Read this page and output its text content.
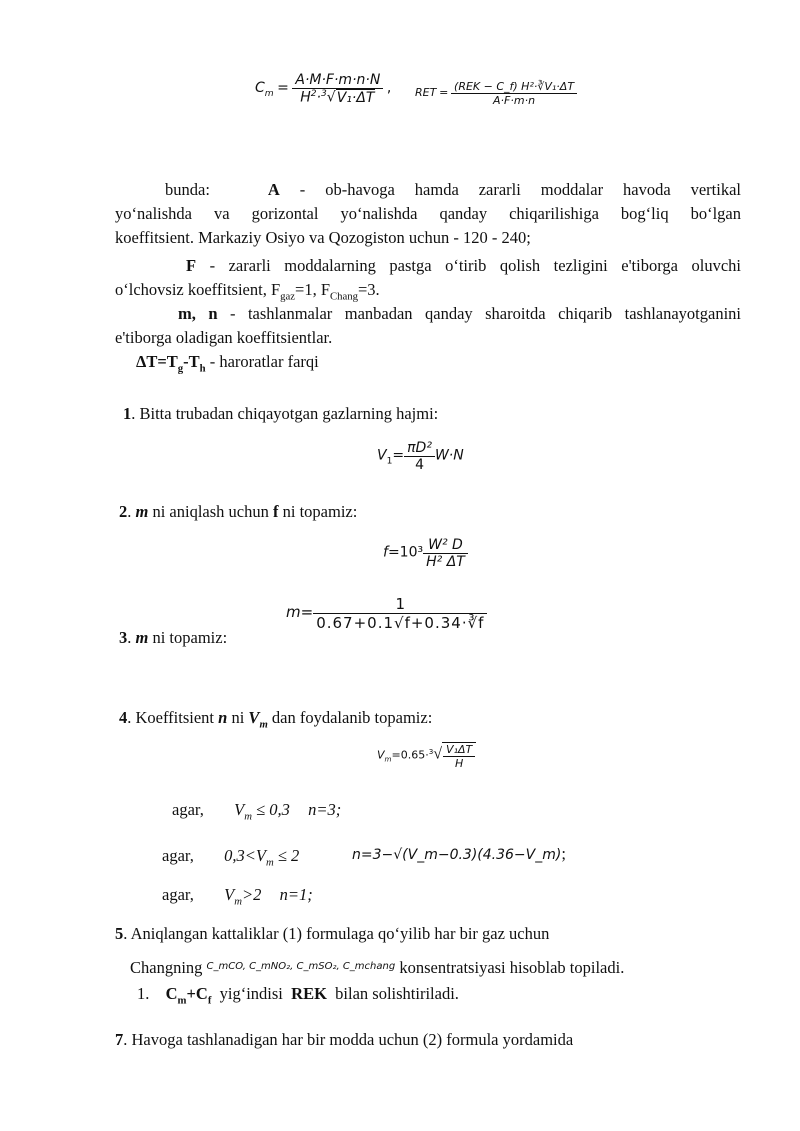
$C_m = \frac{A\cdot M\cdot F\cdot m\cdot n\cdot N}{H^2\cdot^3√V_1\cdot\Delta T}$ , RET = $\frac{\text{(REK − C\_f) H²·∛V₁·ΔT}}{A\cdot F\cdot m\cdot n}$
bunda:	A - ob-havoga hamda zararli moddalar havoda vertikal
yo‘nalishda va gorizontal yo‘nalishda qanday chiqarilishiga bog‘liq bo‘lgan
koeffitsient. Markaziy Osiyo va Qozogiston uchun - 120 - 240;
F - zararli moddalarning pastga o‘tirib qolish tezligini e'tiborga oluvchi
o‘lchovsiz koeffitsient, $F_{gaz}=1$, $F_{Chang}=3$.
m, n - tashlanmalar manbadan qanday sharoitda chiqarib tashlanayotganini
e'tiborga oladigan koeffitsientlar.
$\Delta T=T_g-T_h$ - haroratlar farqi
1. Bitta trubadan chiqayotgan gazlarning hajmi:
$V_1= \frac{\text{πD²}}{4} W\cdot N$
2. m ni aniqlash uchun f ni topamiz:
$f=10^3 \frac{\text{W² D}}{\text{H² ΔT}}$
3. m ni topamiz:
$m= \frac{1}{0.67+0.1√f+0.34\cdot∛f}$
4. Koeffitsient n ni $V_m$ dan foydalanib topamiz:
$V_m=0.65\cdot^3√ \frac{\text{V₁ΔT}}{H}$
agar, $V_m \le 0,3$ n=3;
agar, $0,3<V_m \le 2$	n=3−√(V_m−0.3)(4.36−V_m);
agar, $V_m>2$ n=1;
5. Aniqlangan kattaliklar (1) formulaga qo‘yilib har bir gaz uchun
Changning $^{C\_mCO, C\_mNO_2, C\_mSO_2, C\_mchang}$ konsentratsiyasi hisoblab topiladi.
1. $C_m+C_f$  yig‘indisi  REK  bilan solishtiriladi.
7. Havoga tashlanadigan har bir modda uchun (2) formula yordamida
